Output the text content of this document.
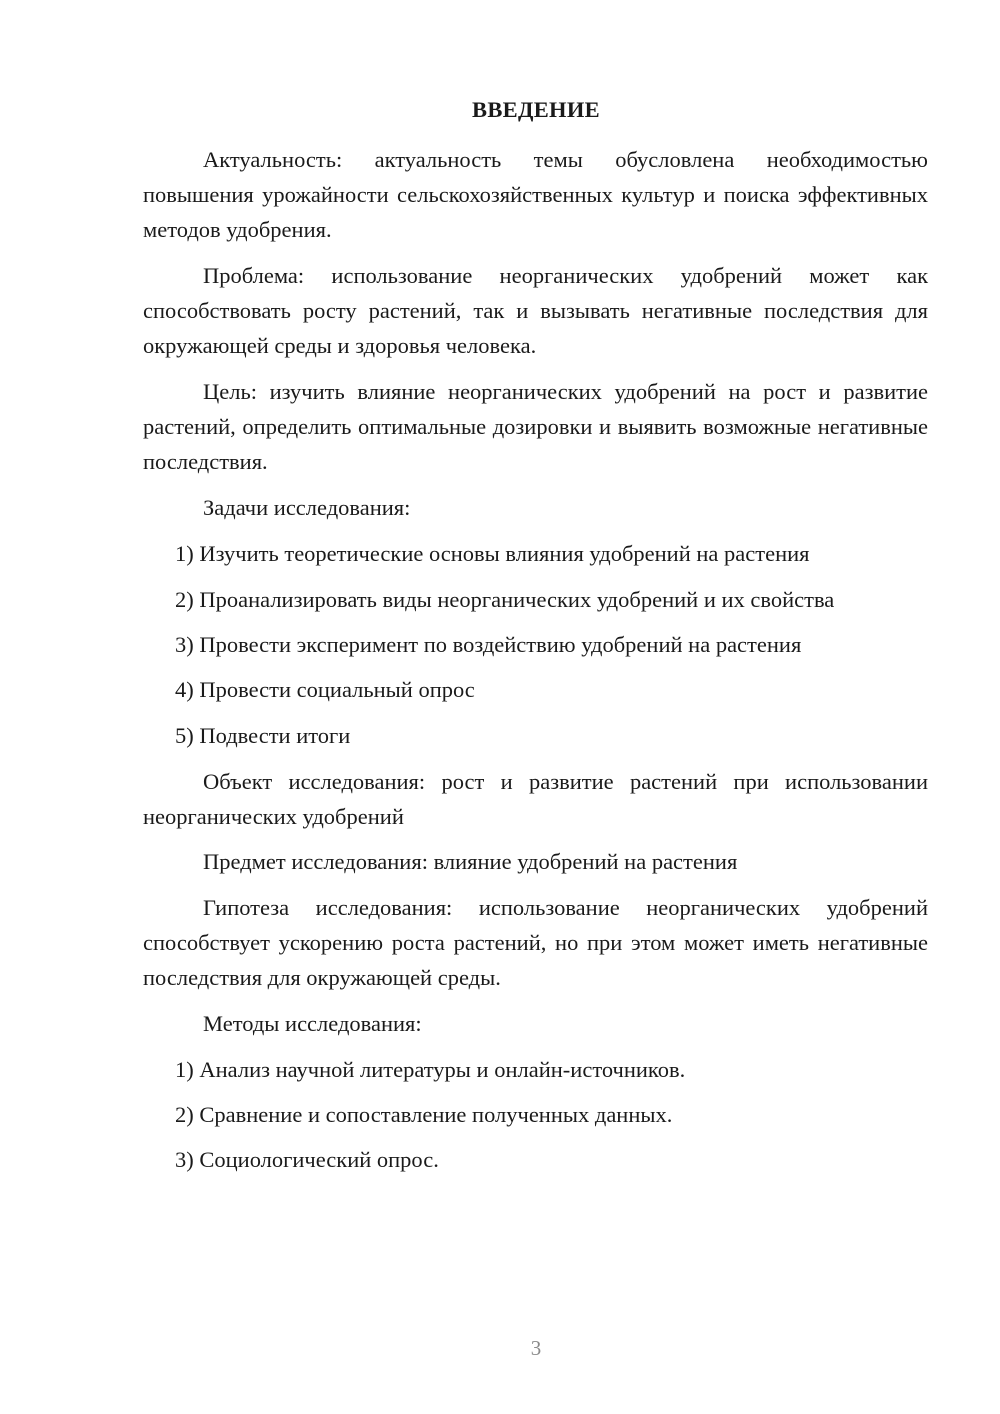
ВВЕДЕНИЕ

Актуальность: актуальность темы обусловлена необходимостью повышения урожайности сельскохозяйственных культур и поиска эффективных методов удобрения.

Проблема: использование неорганических удобрений может как способствовать росту растений, так и вызывать негативные последствия для окружающей среды и здоровья человека.

Цель: изучить влияние неорганических удобрений на рост и развитие растений, определить оптимальные дозировки и выявить возможные негативные последствия.

Задачи исследования:

1) Изучить теоретические основы влияния удобрений на растения

2) Проанализировать виды неорганических удобрений и их свойства

3) Провести эксперимент по воздействию удобрений на растения

4) Провести социальный опрос

5) Подвести итоги

Объект исследования: рост и развитие растений при использовании неорганических удобрений

Предмет исследования: влияние удобрений на растения

Гипотеза исследования: использование неорганических удобрений способствует ускорению роста растений, но при этом может иметь негативные последствия для окружающей среды.

Методы исследования:

1) Анализ научной литературы и онлайн-источников.

2) Сравнение и сопоставление полученных данных.

3) Социологический опрос.

3
